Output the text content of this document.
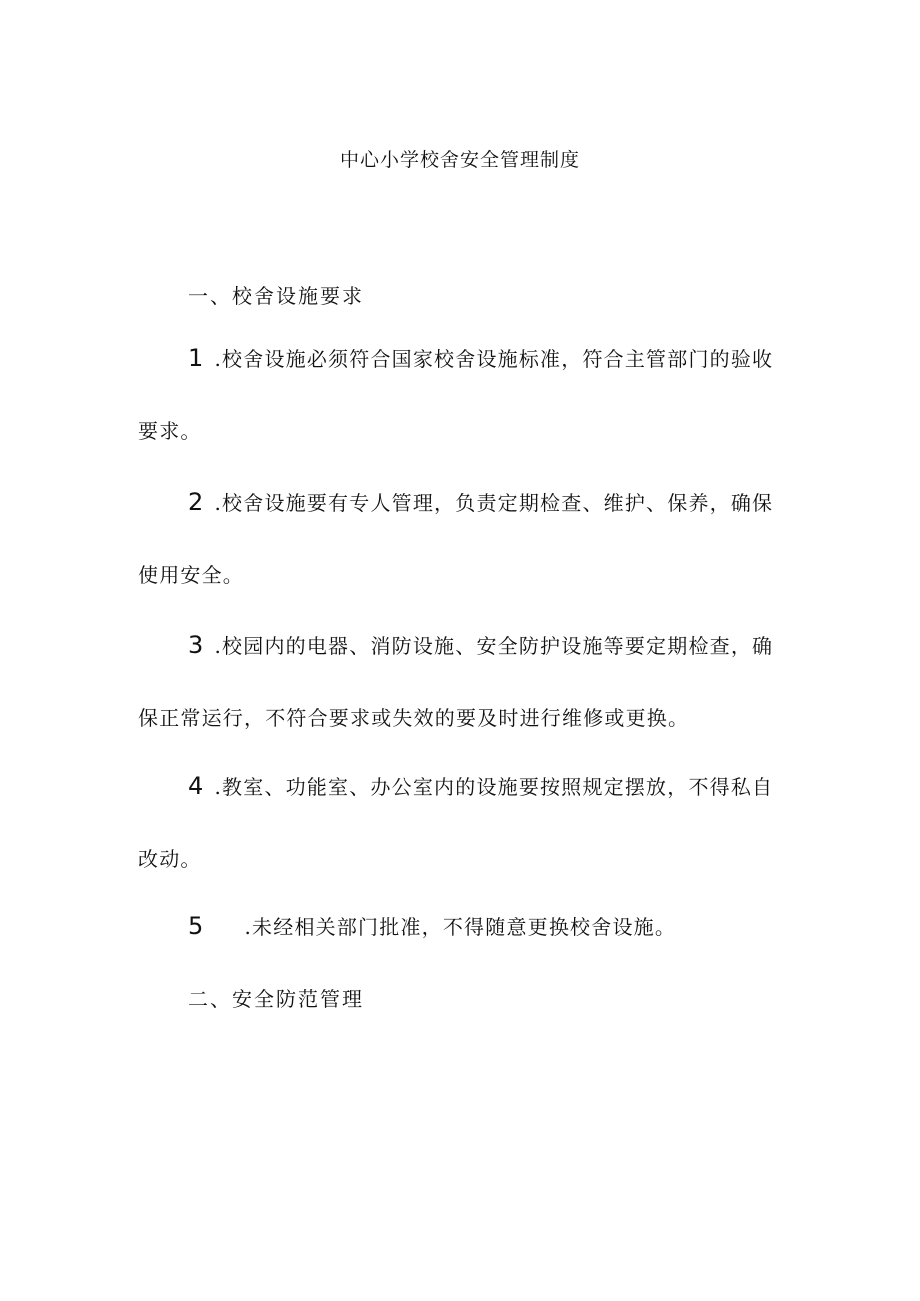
中心小学校舍安全管理制度
一、校舍设施要求
1 .校舍设施必须符合国家校舍设施标准，符合主管部门的验收
要求。
2 .校舍设施要有专人管理，负责定期检查、维护、保养，确保
使用安全。
3 .校园内的电器、消防设施、安全防护设施等要定期检查，确
保正常运行，不符合要求或失效的要及时进行维修或更换。
4 .教室、功能室、办公室内的设施要按照规定摆放，不得私自
改动。
5 .未经相关部门批准，不得随意更换校舍设施。
二、安全防范管理
